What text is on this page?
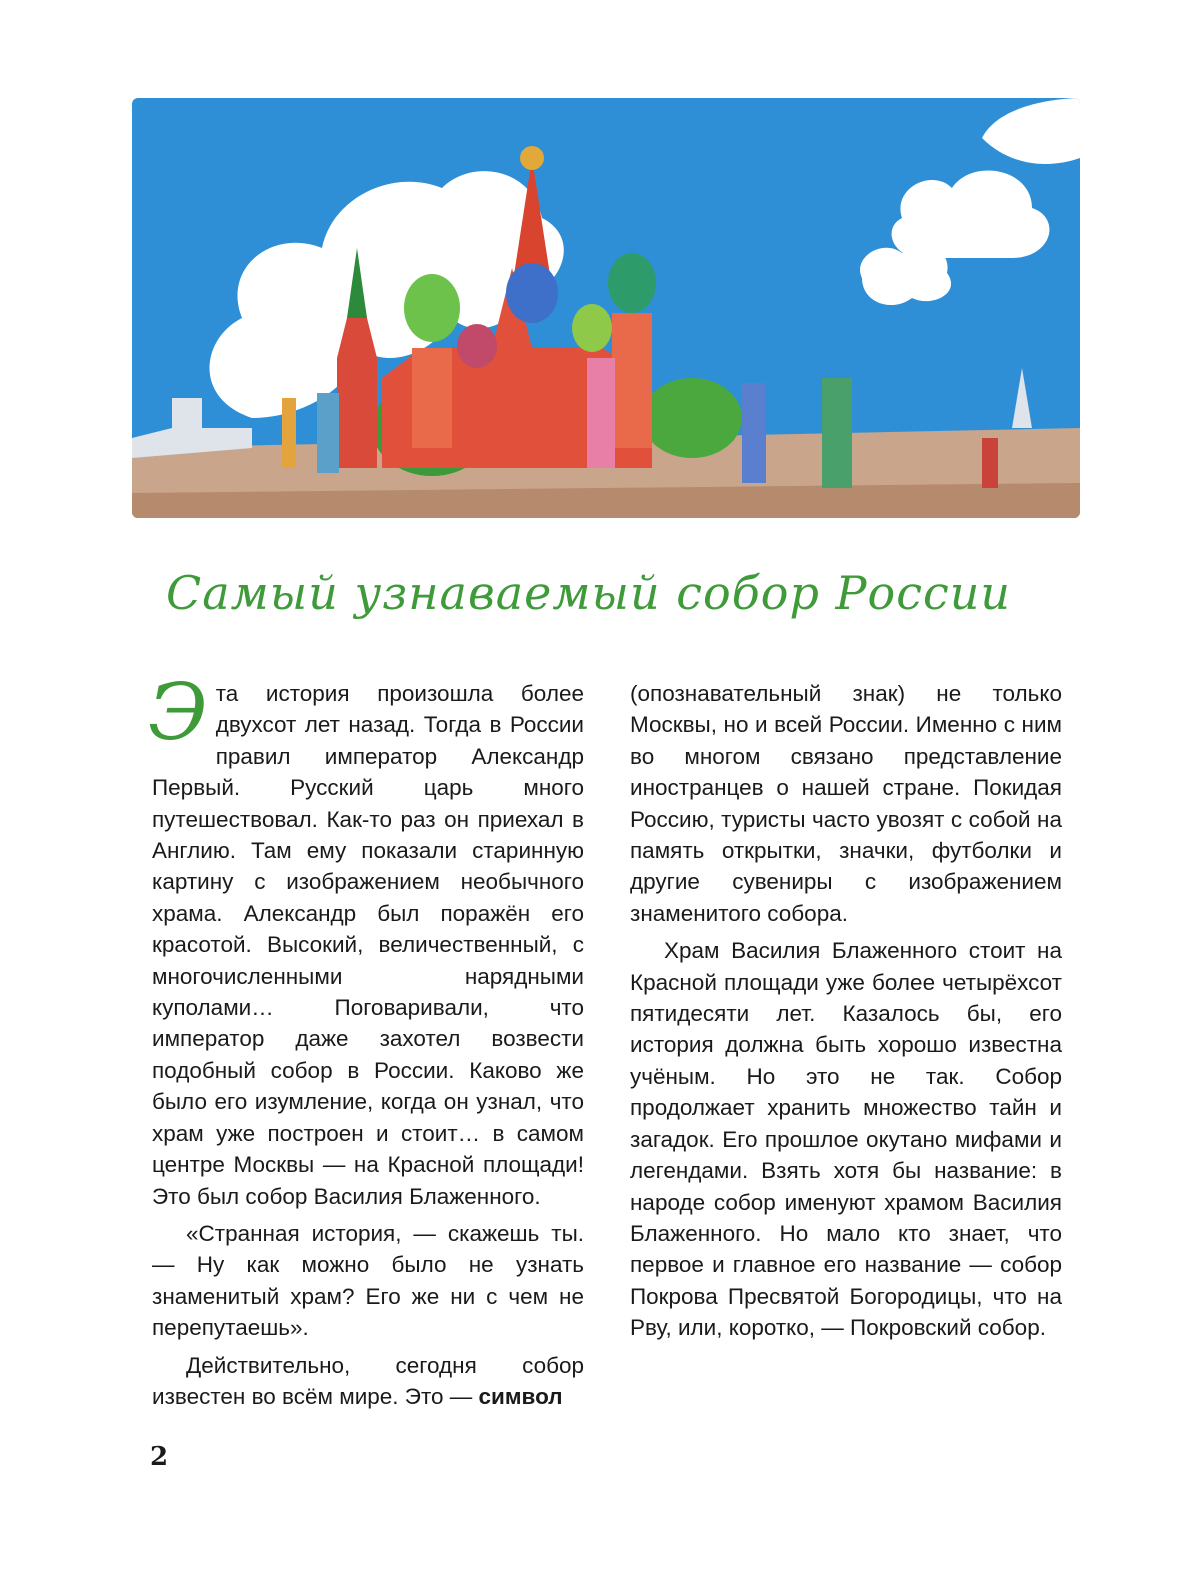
Самый узнаваемый собор России

Эта история произошла более двухсот лет назад. Тогда в России правил император Александр Первый. Русский царь много путешествовал. Как-то раз он приехал в Англию. Там ему показали старинную картину с изображением необычного храма. Александр был поражён его красотой. Высокий, величественный, с многочисленными нарядными куполами… Поговаривали, что император даже захотел возвести подобный собор в России. Каково же было его изумление, когда он узнал, что храм уже построен и стоит… в самом центре Москвы — на Красной площади! Это был собор Василия Блаженного.

«Странная история, — скажешь ты. — Ну как можно было не узнать знаменитый храм? Его же ни с чем не перепутаешь».

Действительно, сегодня собор известен во всём мире. Это — символ

(опознавательный знак) не только Москвы, но и всей России. Именно с ним во многом связано представление иностранцев о нашей стране. Покидая Россию, туристы часто увозят с собой на память открытки, значки, футболки и другие сувениры с изображением знаменитого собора.

Храм Василия Блаженного стоит на Красной площади уже более четырёхсот пятидесяти лет. Казалось бы, его история должна быть хорошо известна учёным. Но это не так. Собор продолжает хранить множество тайн и загадок. Его прошлое окутано мифами и легендами. Взять хотя бы название: в народе собор именуют храмом Василия Блаженного. Но мало кто знает, что первое и главное его название — собор Покрова Пресвятой Богородицы, что на Рву, или, коротко, — Покровский собор.

2
